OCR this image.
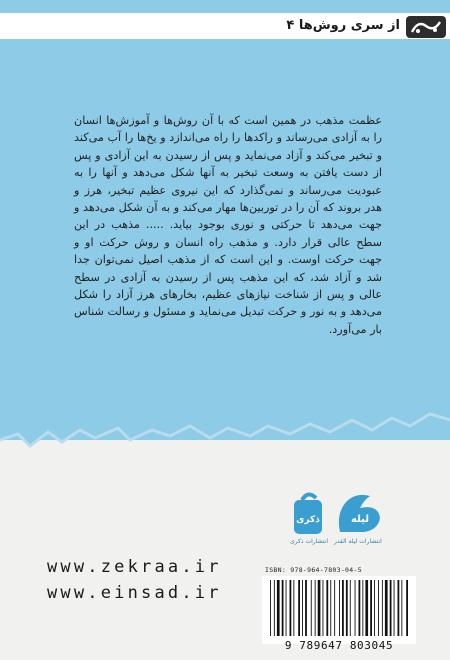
از سری روش‌ها ۴

عظمت مذهب در همین است که با آن روش‌ها و آموزش‌ها انسان را به آزادی می‌رساند و راکدها را راه می‌اندازد و یخ‌ها را آب می‌کند و تبخیر می‌کند و آزاد می‌نماید و پس از رسیدن به این آزادی و پس از دست یافتن به وسعت تبخیر به آنها شکل می‌دهد و آنها را به عبودیت می‌رساند و نمی‌گذارد که این نیروی عظیم تبخیر، هرز و هدر بروند که آن را در توربین‌ها مهار می‌کند و به آن شکل می‌دهد و جهت می‌دهد تا حرکتی و نوری بوجود بیاید. ..... مذهب در این سطح عالی قرار دارد. و مذهب راه انسان و روش حرکت او و جهت حرکت اوست. و این است که از مذهب اصیل نمی‌توان جدا شد و آزاد شد، که این مذهب پس از رسیدن به آزادی در سطح عالی و پس از شناخت نیازهای عظیم، بخارهای هرز آزاد را شکل می‌دهد و به نور و حرکت تبدیل می‌نماید و مسئول و رسالت شناس بار می‌آورد.

لیله
انتشارات لیلة القدر
ذکری
انتشارات ذکری
www.zekraa.ir
www.einsad.ir
ISBN: 978-964-7803-04-5
9 789647 803045
